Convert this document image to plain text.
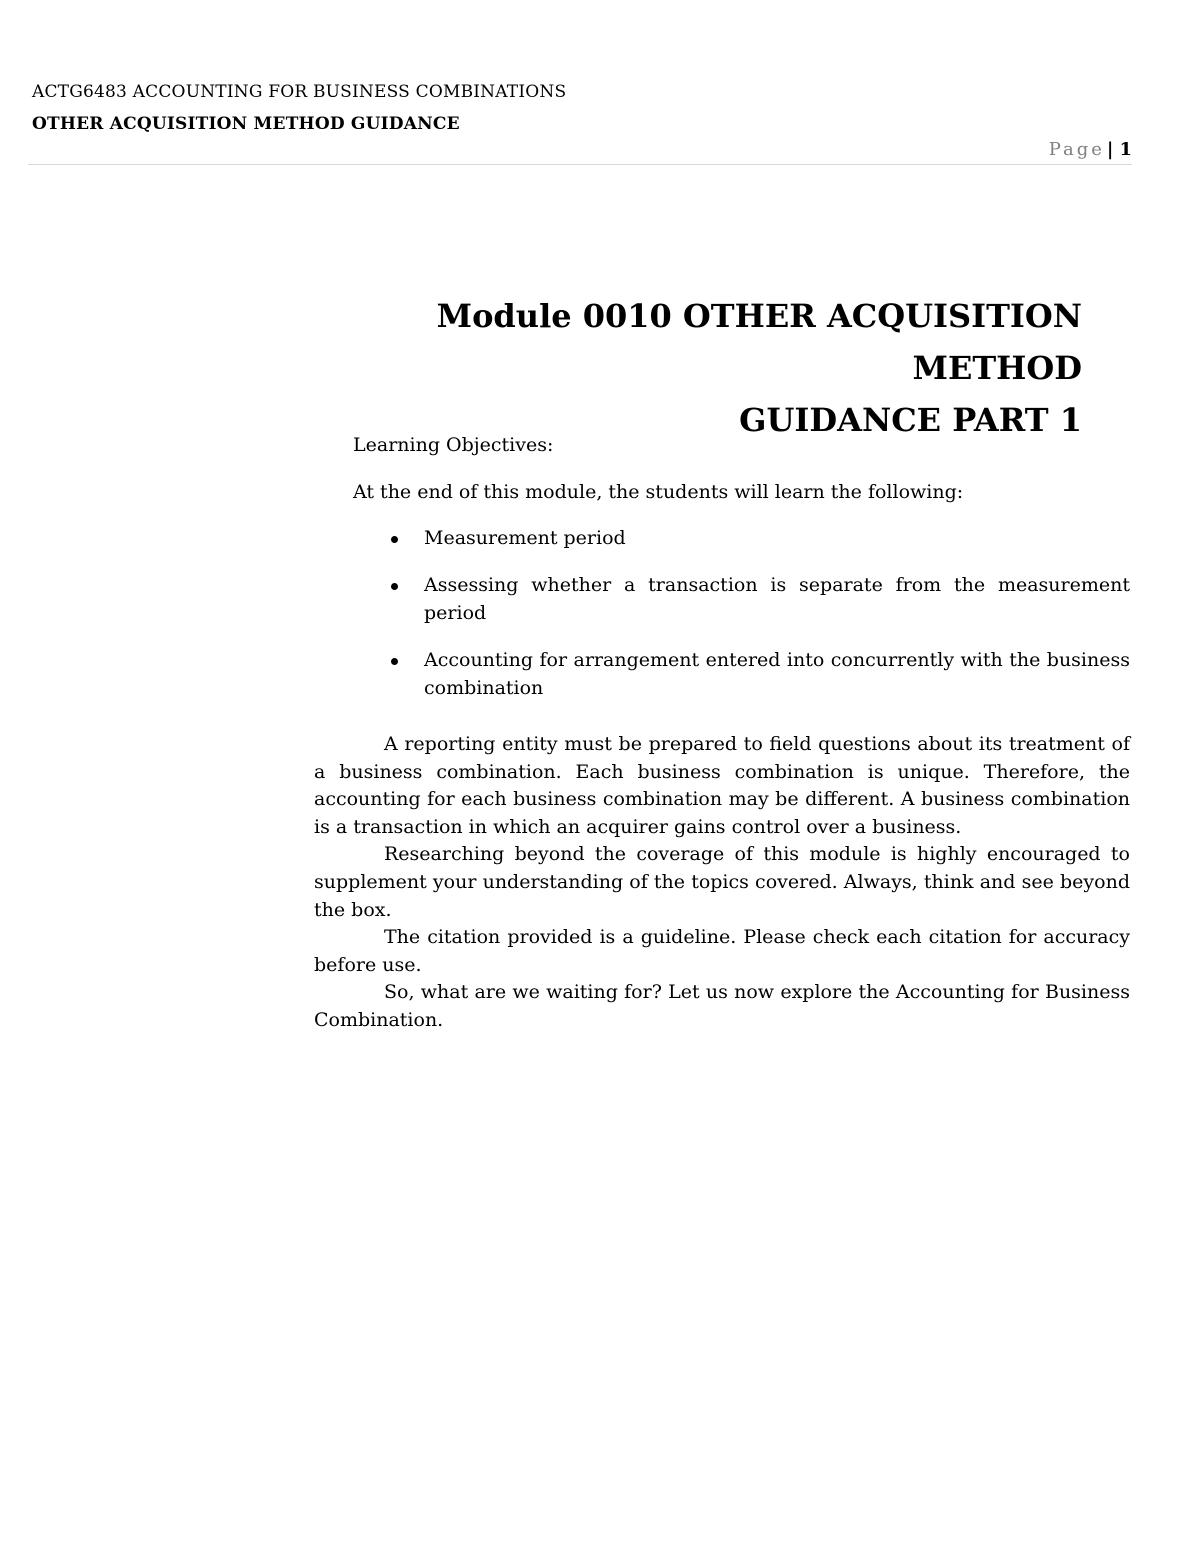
ACTG6483 ACCOUNTING FOR BUSINESS COMBINATIONS
OTHER ACQUISITION METHOD GUIDANCE
Page | 1
Module 0010 OTHER ACQUISITION METHOD
GUIDANCE PART 1
Learning Objectives:
At the end of this module, the students will learn the following:
Measurement period
Assessing whether a transaction is separate from the measurement period
Accounting for arrangement entered into concurrently with the business combination

A reporting entity must be prepared to field questions about its treatment of a business combination. Each business combination is unique. Therefore, the accounting for each business combination may be different. A business combination is a transaction in which an acquirer gains control over a business.

Researching beyond the coverage of this module is highly encouraged to supplement your understanding of the topics covered. Always, think and see beyond the box.

The citation provided is a guideline. Please check each citation for accuracy before use.

So, what are we waiting for? Let us now explore the Accounting for Business Combination.
